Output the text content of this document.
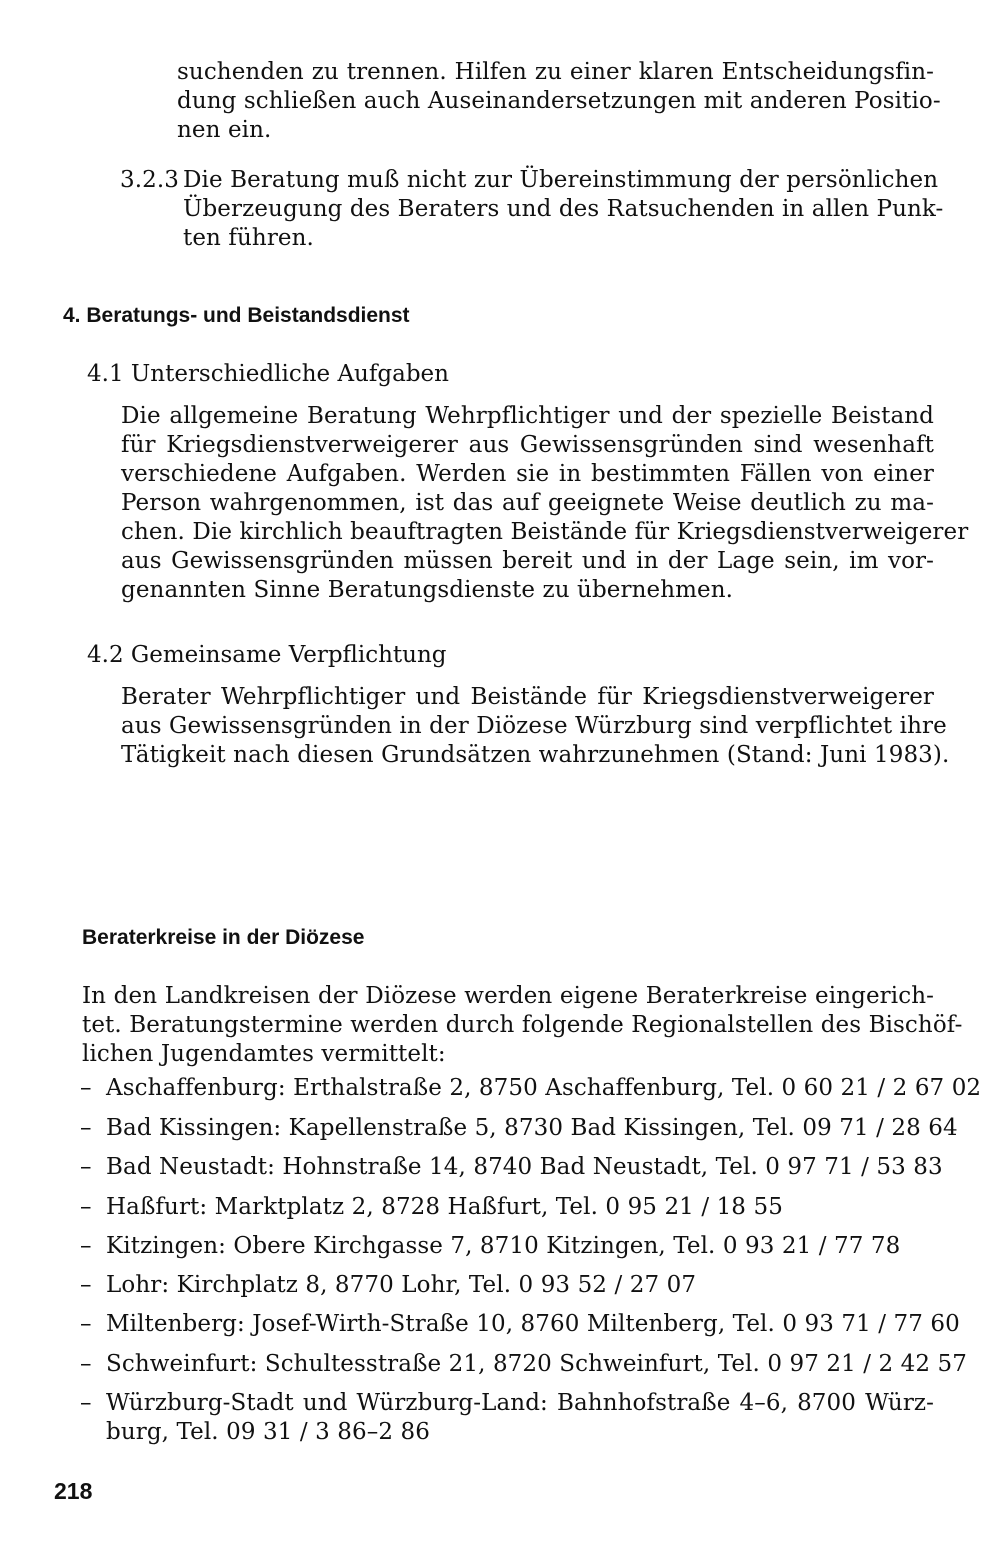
suchenden zu trennen. Hilfen zu einer klaren Entscheidungsfin-
dung schließen auch Auseinandersetzungen mit anderen Positio-
nen ein.
3.2.3 Die Beratung muß nicht zur Übereinstimmung der persönlichen
Überzeugung des Beraters und des Ratsuchenden in allen Punk-
ten führen.
4. Beratungs- und Beistandsdienst
4.1 Unterschiedliche Aufgaben
Die allgemeine Beratung Wehrpflichtiger und der spezielle Beistand
für Kriegsdienstverweigerer aus Gewissensgründen sind wesenhaft
verschiedene Aufgaben. Werden sie in bestimmten Fällen von einer
Person wahrgenommen, ist das auf geeignete Weise deutlich zu ma-
chen. Die kirchlich beauftragten Beistände für Kriegsdienstverweigerer
aus Gewissensgründen müssen bereit und in der Lage sein, im vor-
genannten Sinne Beratungsdienste zu übernehmen.
4.2 Gemeinsame Verpflichtung
Berater Wehrpflichtiger und Beistände für Kriegsdienstverweigerer
aus Gewissensgründen in der Diözese Würzburg sind verpflichtet ihre
Tätigkeit nach diesen Grundsätzen wahrzunehmen (Stand: Juni 1983).
Beraterkreise in der Diözese
In den Landkreisen der Diözese werden eigene Beraterkreise eingerich-
tet. Beratungstermine werden durch folgende Regionalstellen des Bischöf-
lichen Jugendamtes vermittelt:
– Aschaffenburg: Erthalstraße 2, 8750 Aschaffenburg, Tel. 0 60 21 / 2 67 02
– Bad Kissingen: Kapellenstraße 5, 8730 Bad Kissingen, Tel. 09 71 / 28 64
– Bad Neustadt: Hohnstraße 14, 8740 Bad Neustadt, Tel. 0 97 71 / 53 83
– Haßfurt: Marktplatz 2, 8728 Haßfurt, Tel. 0 95 21 / 18 55
– Kitzingen: Obere Kirchgasse 7, 8710 Kitzingen, Tel. 0 93 21 / 77 78
– Lohr: Kirchplatz 8, 8770 Lohr, Tel. 0 93 52 / 27 07
– Miltenberg: Josef-Wirth-Straße 10, 8760 Miltenberg, Tel. 0 93 71 / 77 60
– Schweinfurt: Schultesstraße 21, 8720 Schweinfurt, Tel. 0 97 21 / 2 42 57
– Würzburg-Stadt und Würzburg-Land: Bahnhofstraße 4–6, 8700 Würz-
burg, Tel. 09 31 / 3 86–2 86
218
